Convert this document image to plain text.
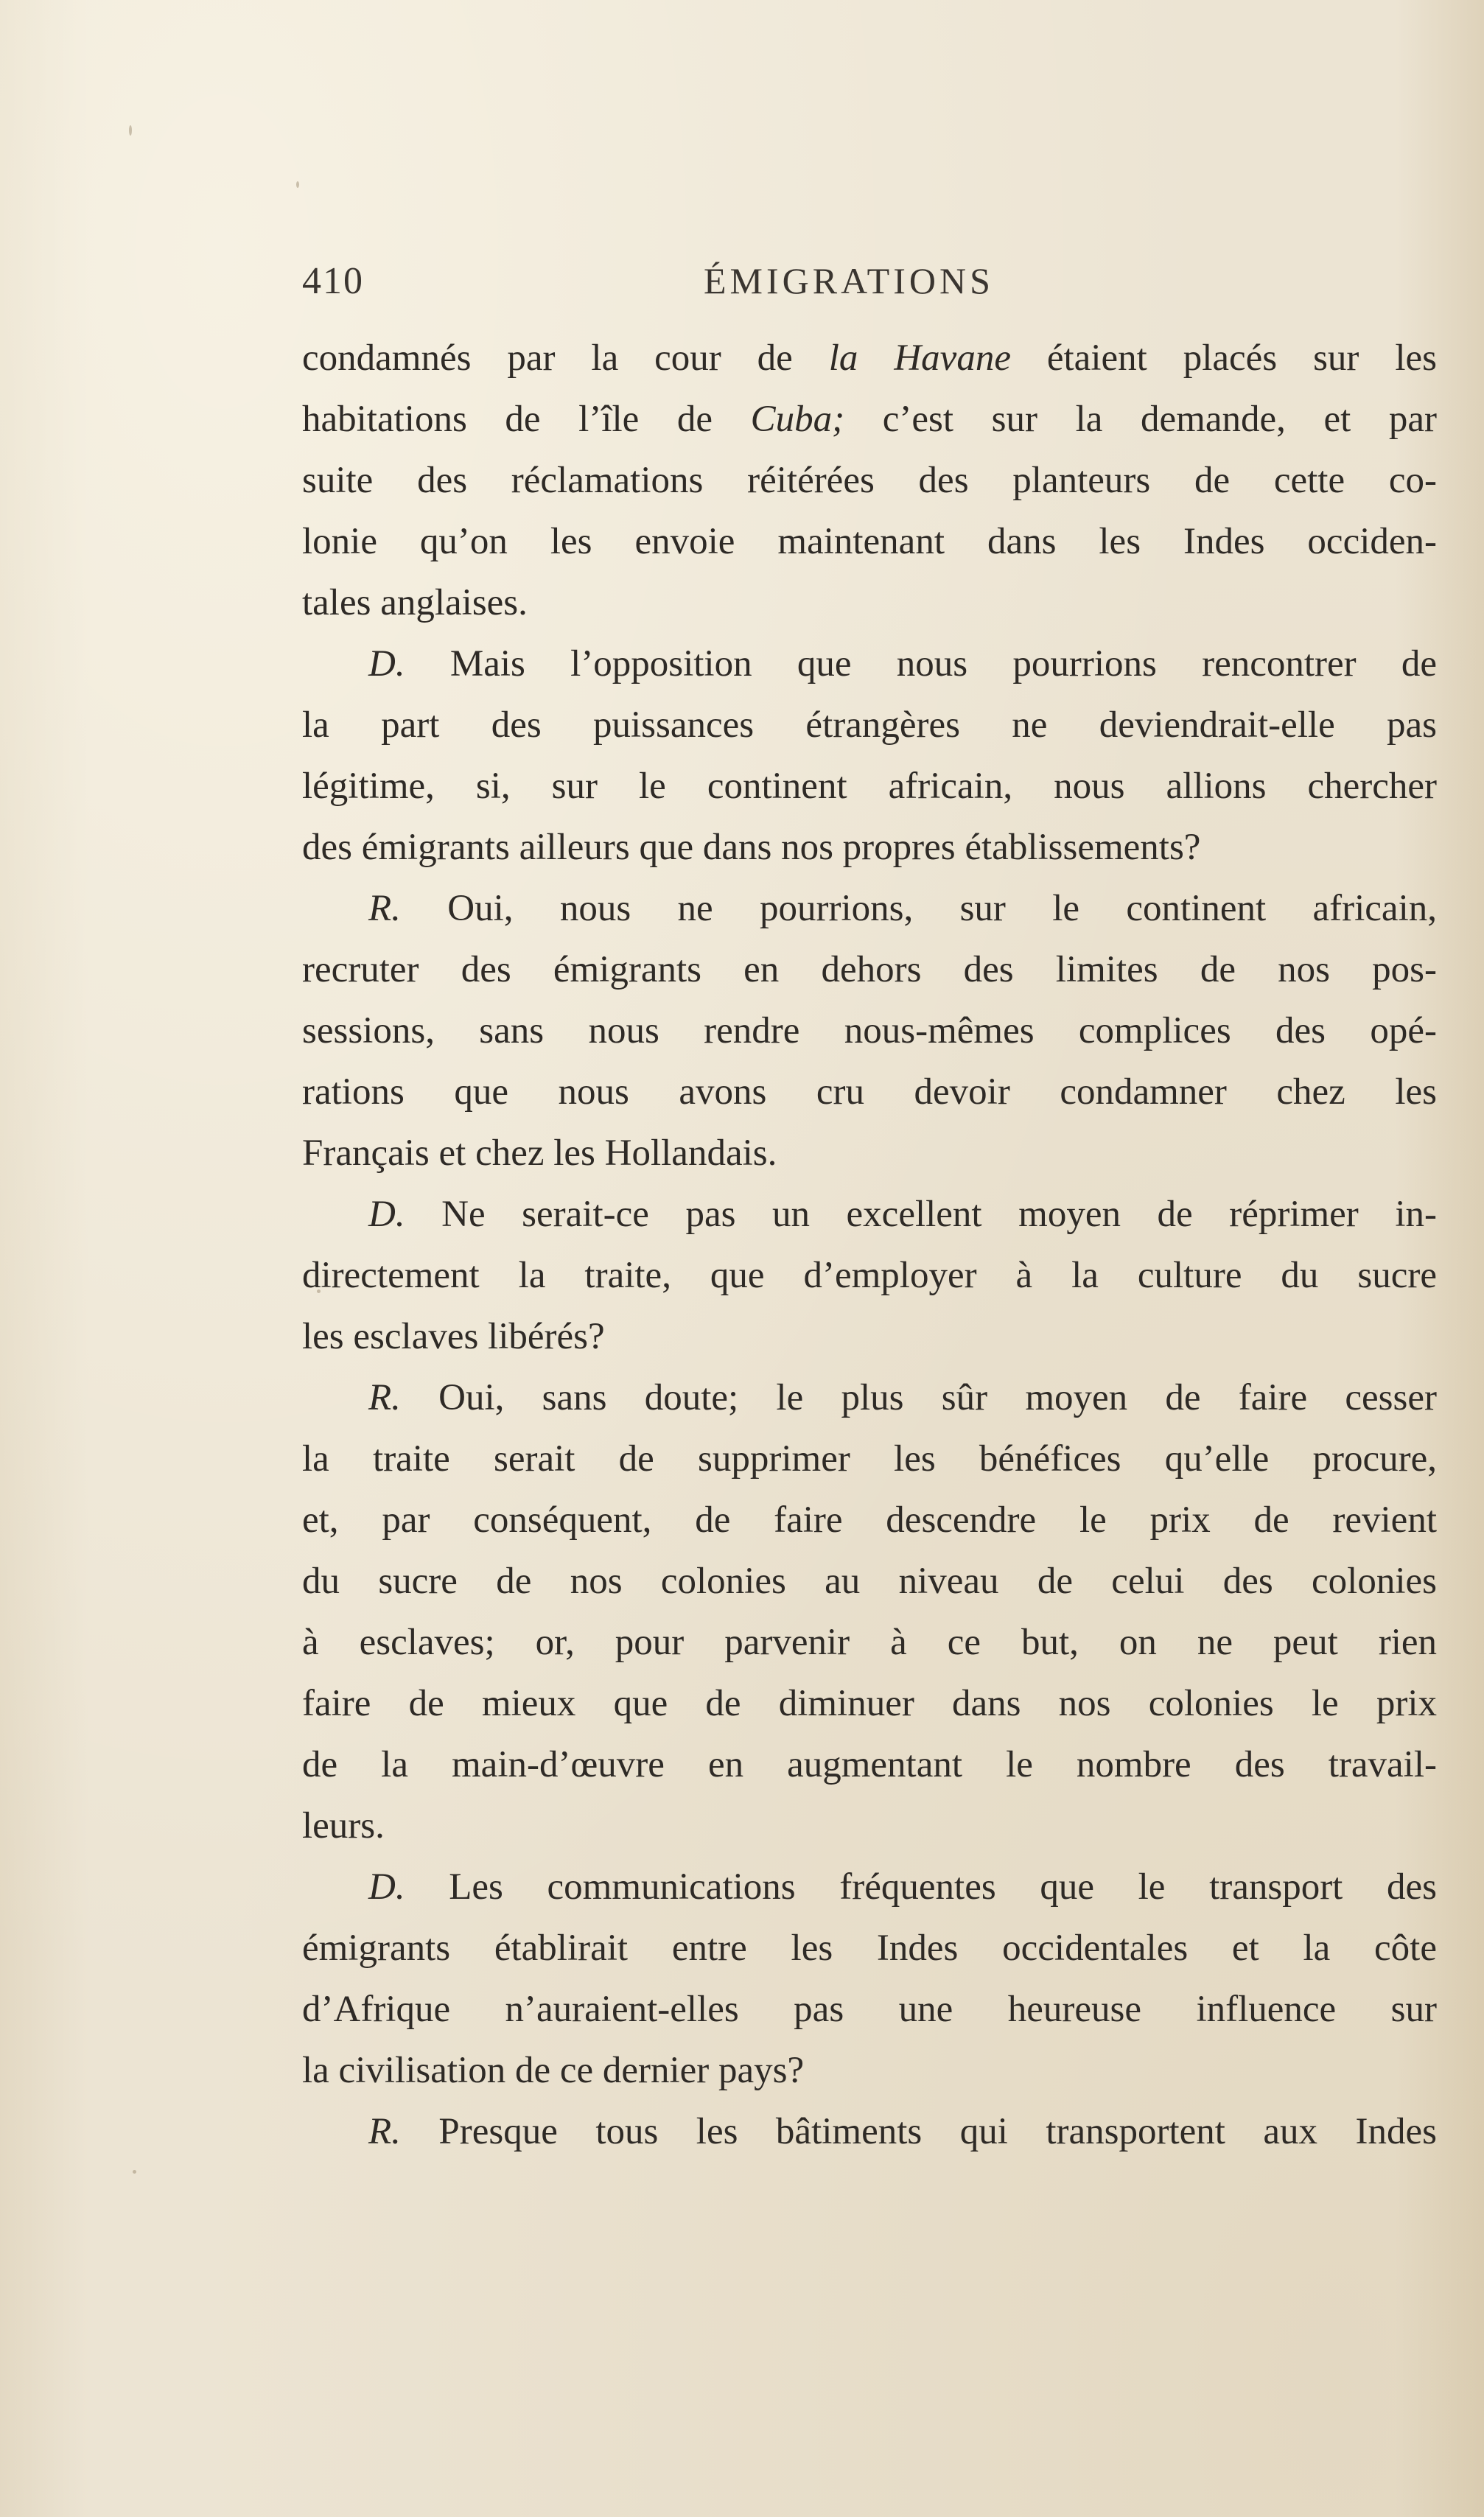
410	ÉMIGRATIONS
condamnés par la cour de la Havane étaient placés sur les
habitations de l’île de Cuba; c’est sur la demande, et par
suite des réclamations réitérées des planteurs de cette co-
lonie qu’on les envoie maintenant dans les Indes occiden-
tales anglaises.
D. Mais l’opposition que nous pourrions rencontrer de
la part des puissances étrangères ne deviendrait-elle pas
légitime, si, sur le continent africain, nous allions chercher
des émigrants ailleurs que dans nos propres établissements?
R. Oui, nous ne pourrions, sur le continent africain,
recruter des émigrants en dehors des limites de nos pos-
sessions, sans nous rendre nous-mêmes complices des opé-
rations que nous avons cru devoir condamner chez les
Français et chez les Hollandais.
D. Ne serait-ce pas un excellent moyen de réprimer in-
directement la traite, que d’employer à la culture du sucre
les esclaves libérés?
R. Oui, sans doute; le plus sûr moyen de faire cesser
la traite serait de supprimer les bénéfices qu’elle procure,
et, par conséquent, de faire descendre le prix de revient
du sucre de nos colonies au niveau de celui des colonies
à esclaves; or, pour parvenir à ce but, on ne peut rien
faire de mieux que de diminuer dans nos colonies le prix
de la main-d’œuvre en augmentant le nombre des travail-
leurs.
D. Les communications fréquentes que le transport des
émigrants établirait entre les Indes occidentales et la côte
d’Afrique n’auraient-elles pas une heureuse influence sur
la civilisation de ce dernier pays?
R. Presque tous les bâtiments qui transportent aux Indes
